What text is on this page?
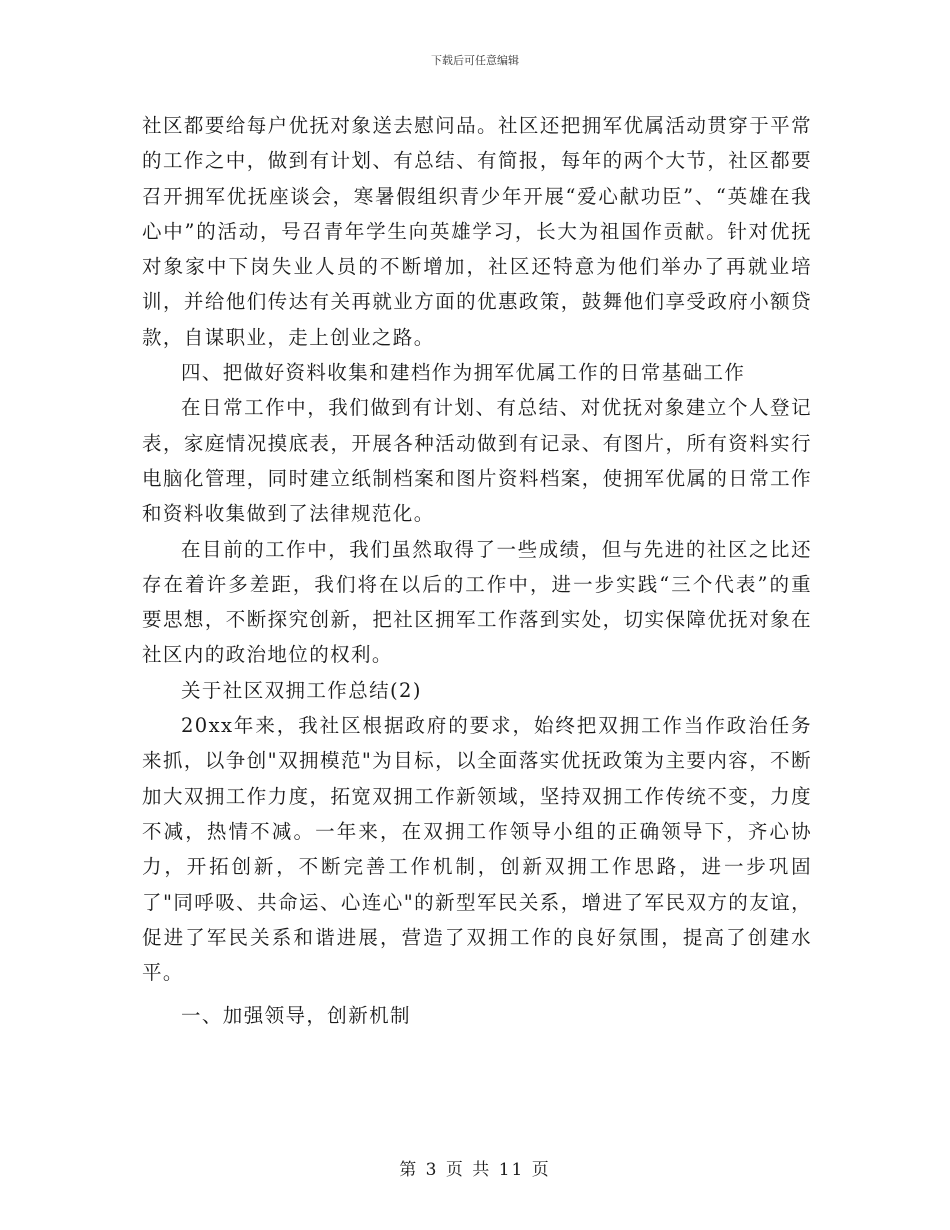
下载后可任意编辑

社区都要给每户优抚对象送去慰问品。社区还把拥军优属活动贯穿于平常的工作之中，做到有计划、有总结、有简报，每年的两个大节，社区都要召开拥军优抚座谈会，寒暑假组织青少年开展“爱心献功臣”、“英雄在我心中”的活动，号召青年学生向英雄学习，长大为祖国作贡献。针对优抚对象家中下岗失业人员的不断增加，社区还特意为他们举办了再就业培训，并给他们传达有关再就业方面的优惠政策，鼓舞他们享受政府小额贷款，自谋职业，走上创业之路。

四、把做好资料收集和建档作为拥军优属工作的日常基础工作

在日常工作中，我们做到有计划、有总结、对优抚对象建立个人登记表，家庭情况摸底表，开展各种活动做到有记录、有图片，所有资料实行电脑化管理，同时建立纸制档案和图片资料档案，使拥军优属的日常工作和资料收集做到了法律规范化。

在目前的工作中，我们虽然取得了一些成绩，但与先进的社区之比还存在着许多差距，我们将在以后的工作中，进一步实践“三个代表”的重要思想，不断探究创新，把社区拥军工作落到实处，切实保障优抚对象在社区内的政治地位的权利。

关于社区双拥工作总结(2)

20xx年来，我社区根据政府的要求，始终把双拥工作当作政治任务来抓，以争创"双拥模范"为目标，以全面落实优抚政策为主要内容，不断加大双拥工作力度，拓宽双拥工作新领域，坚持双拥工作传统不变，力度不减，热情不减。一年来，在双拥工作领导小组的正确领导下，齐心协力，开拓创新，不断完善工作机制，创新双拥工作思路，进一步巩固了"同呼吸、共命运、心连心"的新型军民关系，增进了军民双方的友谊，促进了军民关系和谐进展，营造了双拥工作的良好氛围，提高了创建水平。

一、加强领导，创新机制

第 3 页 共 11 页
